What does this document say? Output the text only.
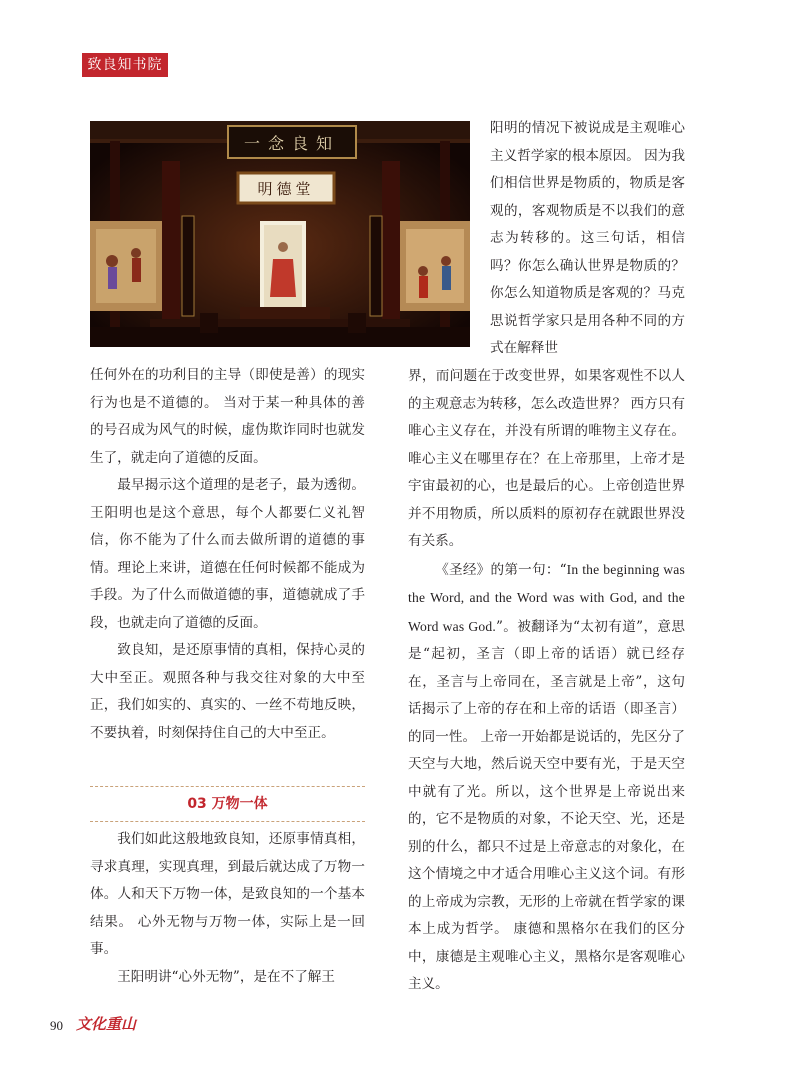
致良知书院
一念良知
明德堂

任何外在的功利目的主导（即使是善）的现实行为也是不道德的。 当对于某一种具体的善的号召成为风气的时候，虚伪欺诈同时也就发生了，就走向了道德的反面。

最早揭示这个道理的是老子，最为透彻。王阳明也是这个意思，每个人都要仁义礼智信，你不能为了什么而去做所谓的道德的事情。理论上来讲，道德在任何时候都不能成为手段。为了什么而做道德的事，道德就成了手段，也就走向了道德的反面。

致良知，是还原事情的真相，保持心灵的大中至正。观照各种与我交往对象的大中至正，我们如实的、真实的、一丝不苟地反映，不要执着，时刻保持住自己的大中至正。

03 万物一体

我们如此这般地致良知，还原事情真相，寻求真理，实现真理，到最后就达成了万物一体。人和天下万物一体，是致良知的一个基本结果。 心外无物与万物一体，实际上是一回事。

王阳明讲“心外无物”，是在不了解王

阳明的情况下被说成是主观唯心主义哲学家的根本原因。 因为我们相信世界是物质的，物质是客观的，客观物质是不以我们的意志为转移的。这三句话，相信吗？你怎么确认世界是物质的？你怎么知道物质是客观的？马克思说哲学家只是用各种不同的方式在解释世

界，而问题在于改变世界，如果客观性不以人的主观意志为转移，怎么改造世界？ 西方只有唯心主义存在，并没有所谓的唯物主义存在。唯心主义在哪里存在？在上帝那里，上帝才是宇宙最初的心，也是最后的心。上帝创造世界并不用物质，所以质料的原初存在就跟世界没有关系。

《圣经》的第一句：“In the beginning was the Word, and the Word was with God, and the Word was God.”。被翻译为“太初有道”，意思是“起初，圣言（即上帝的话语）就已经存在，圣言与上帝同在，圣言就是上帝”，这句话揭示了上帝的存在和上帝的话语（即圣言）的同一性。 上帝一开始都是说话的，先区分了天空与大地，然后说天空中要有光，于是天空中就有了光。所以，这个世界是上帝说出来的，它不是物质的对象，不论天空、光，还是别的什么，都只不过是上帝意志的对象化，在这个情境之中才适合用唯心主义这个词。有形的上帝成为宗教，无形的上帝就在哲学家的课本上成为哲学。 康德和黑格尔在我们的区分中，康德是主观唯心主义，黑格尔是客观唯心主义。

90 文化重山
